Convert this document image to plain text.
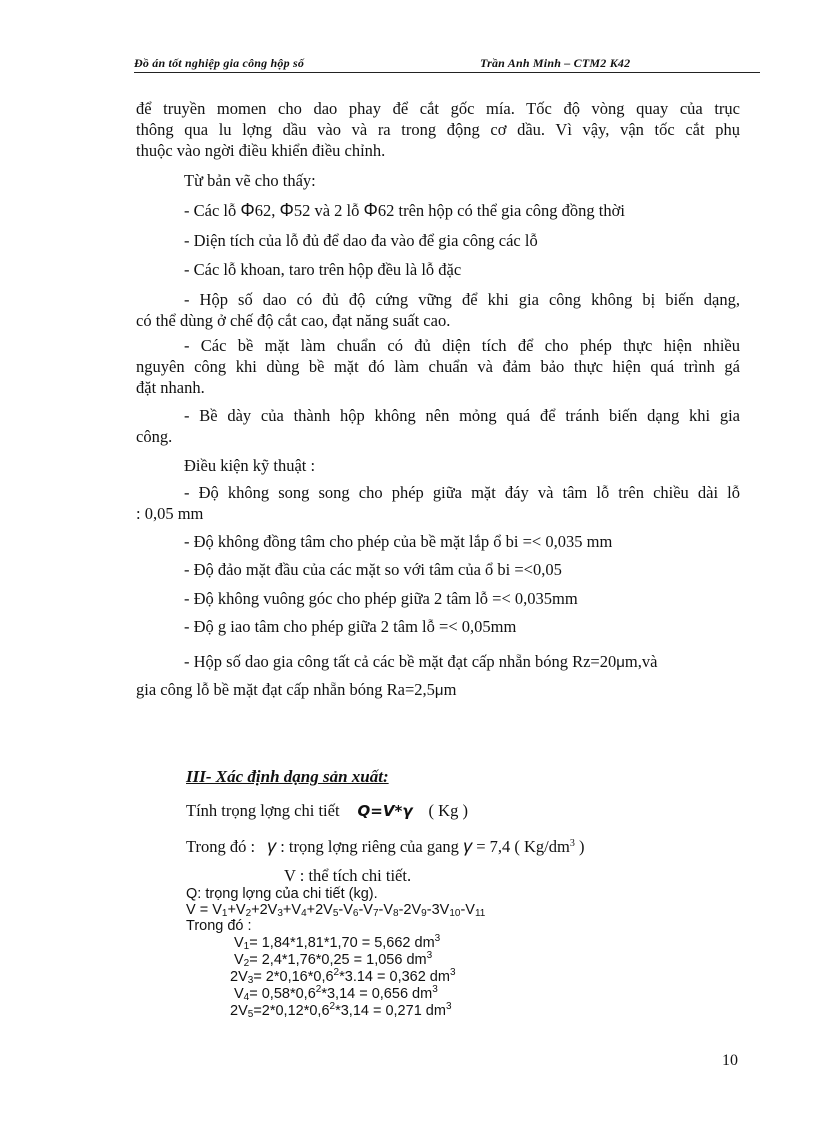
Đồ án tốt nghiệp gia công hộp số	Trần Anh Minh – CTM2 K42
để truyền momen cho dao phay để cắt gốc mía. Tốc độ vòng quay của trục
thông qua lu lợng dầu vào và ra trong động cơ dầu. Vì vậy, vận tốc cắt phụ
thuộc vào ngời điều khiển điều chỉnh.
Từ bản vẽ cho thấy:
- Các lỗ Φ62, Φ52 và 2 lỗ Φ62 trên hộp có thể gia công đồng thời
- Diện tích của lỗ đủ để dao đa vào để gia công các lỗ
- Các lỗ khoan, taro trên hộp đều là lỗ đặc
- Hộp số dao có đủ độ cứng vững để khi gia công không bị biến dạng,
có thể dùng ở chế độ cắt cao, đạt năng suất cao.
- Các bề mặt làm chuẩn có đủ diện tích để cho phép thực hiện nhiều
nguyên công khi dùng bề mặt đó làm chuẩn và đảm bảo thực hiện quá trình gá
đặt nhanh.
- Bề dày của thành hộp không nên mỏng quá để tránh biến dạng khi gia
công.
Điều kiện kỹ thuật :
- Độ không song song cho phép giữa mặt đáy và tâm lỗ trên chiều dài lỗ
: 0,05 mm
- Độ không đồng tâm cho phép của bề mặt lắp ổ bi =< 0,035 mm
- Độ đảo mặt đầu của các mặt so với tâm của ổ bi =<0,05
- Độ không vuông góc cho phép giữa 2 tâm lỗ =< 0,035mm
- Độ g iao tâm cho phép giữa 2 tâm lỗ =< 0,05mm
- Hộp số dao gia công tất cả các bề mặt đạt cấp nhẵn bóng Rz=20μm,và
gia công lỗ bề mặt đạt cấp nhẵn bóng Ra=2,5μm
III- Xác định dạng sản xuất:
Tính trọng lợng chi tiết Q=V*γ ( Kg )
Trong đó : γ : trọng lợng riêng của gang γ = 7,4 ( $Kg/dm^3$ )
V : thể tích chi tiết.
Q: trọng lợng của chi tiết (kg).
$V = V_1+V_2+2V_3+V_4+2V_5-V_6-V_7-V_8-2V_9-3V_{10}-V_{11}$
Trong đó :
$V_1= 1,84*1,81*1,70 = 5,662$ $dm^3$
$V_2= 2,4*1,76*0,25 = 1,056$ $dm^3$
$2V_3= 2*0,16*0,6^2*3.14 = 0,362$ $dm^3$
$V_4= 0,58*0,6^2*3,14 = 0,656$ $dm^3$
$2V_5=2*0,12*0,6^2*3,14 = 0,271$ $dm^3$
10
